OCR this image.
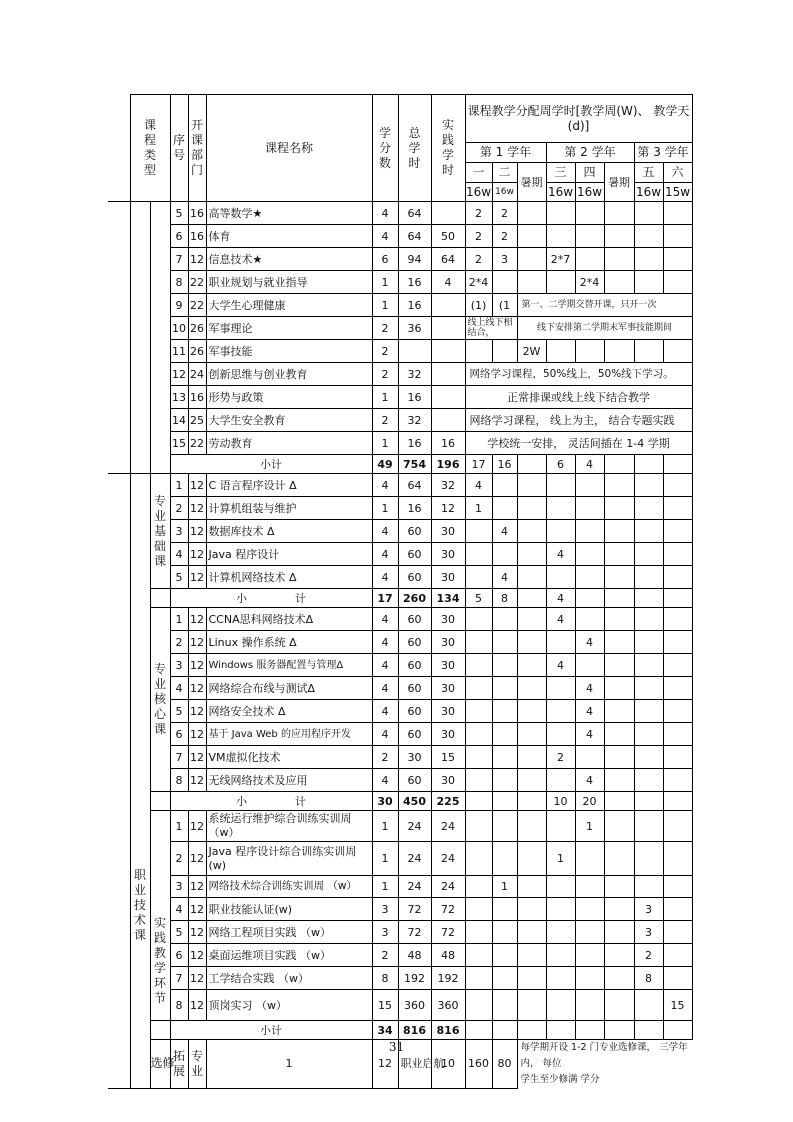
	课程类型		序号	开课部门	课程名称	学分数	总学时	实践学时	课程教学分配周学时[教学周(W)、 教学天(d)]							
									第 1 学年			第 2 学年			第 3 学年	
									一	二	暑期	三	四	暑期	五	六
									16w	16w		16w	16w		16w	15w
			5	16	高等数学★	4	64		2	2						
			6	16	体育	4	64	50	2	2						
			7	12	信息技术★	6	94	64	2	3		2*7				
			8	22	职业规划与就业指导	1	16	4	2*4				2*4			
			9	22	大学生心理健康	1	16		(1)	(1	第一、二学期交替开课，只开一次					
			10	26	军事理论	2	36		线上线下相结合，		线下安排第二学期末军事技能期间					
			11	26	军事技能	2					2W					
			12	24	创新思维与创业教育	2	32		网络学习课程，50%线上，50%线下学习。							
			13	16	形势与政策	1	16		正常排课或线上线下结合教学							
			14	25	大学生安全教育	2	32		网络学习课程， 线上为主， 结合专题实践							
			15	22	劳动教育	1	16	16	学校统一安排， 灵活间插在 1-4 学期							
			小计			49	754	196	17	16		6	4			
	职业技术课	专业基础课	1	12	C 语言程序设计 Δ	4	64	32	4							
			2	12	计算机组装与维护	1	16	12	1							
			3	12	数据库技术 Δ	4	60	30		4						
			4	12	Java 程序设计	4	60	30				4				
			5	12	计算机网络技术 Δ	4	60	30		4						
			小 计			17	260	134	5	8		4				
		专业核心课	1	12	CCNA思科网络技术Δ	4	60	30				4				
			2	12	Linux 操作系统 Δ	4	60	30					4			
			3	12	Windows 服务器配置与管理Δ	4	60	30				4				
			4	12	网络综合布线与测试Δ	4	60	30					4			
			5	12	网络安全技术 Δ	4	60	30					4			
			6	12	基于 Java Web 的应用程序开发	4	60	30					4			
			7	12	VM虚拟化技术	2	30	15				2				
			8	12	无线网络技术及应用	4	60	30					4			
			小 计			30	450	225				10	20			
		实践教学环节	1	12	系统运行维护综合训练实训周（w）	1	24	24					1			
			2	12	Java 程序设计综合训练实训周(w)	1	24	24				1				
			3	12	网络技术综合训练实训周 （w）	1	24	24		1						
			4	12	职业技能认证(w)	3	72	72							3	
			5	12	网络工程项目实践 （w）	3	72	72							3	
			6	12	桌面运维项目实践 （w）	2	48	48							2	
			7	12	工学结合实践 （w）	8	192	192							8	
			8	12	顶岗实习 （w）	15	360	360								15
			小计			34	816	816								
		选修	拓展	专业	1	12	职业启航	10	160	80	每学期开设 1-2 门专业选修课， 三学年内， 每位
学生至少修满 学分					
31
